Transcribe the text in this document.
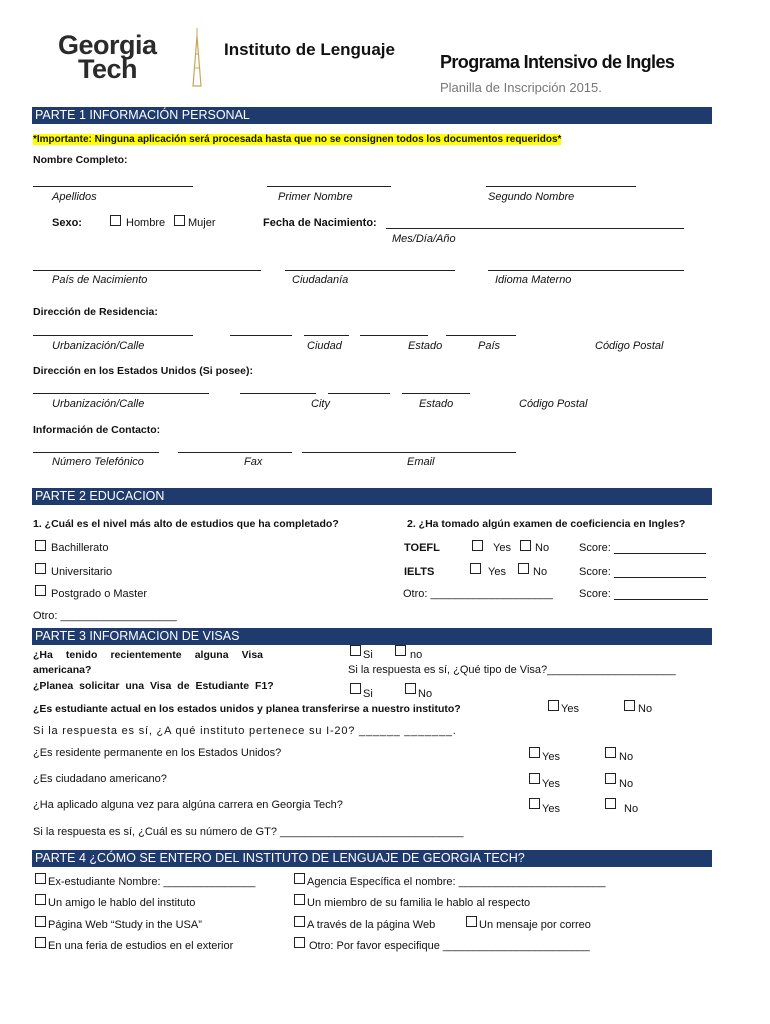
Georgia
Tech
Instituto de Lenguaje
Programa Intensivo de Ingles
Planilla de Inscripción 2015.
PARTE 1 INFORMACIÓN PERSONAL
*Importante: Ninguna aplicación será procesada hasta que no se consignen todos los documentos requeridos*
Nombre Completo:
Apellidos	Primer Nombre	Segundo Nombre
Sexo:	Hombre Mujer	Fecha de Nacimiento:
Mes/Día/Año
País de Nacimiento	Ciudadanía	Idioma Materno
Dirección de Residencia:
Urbanización/Calle	Ciudad	Estado	País	Código Postal
Dirección en los Estados Unidos (Si posee):
Urbanización/Calle	City	Estado	Código Postal
Información de Contacto:
Número Telefónico	Fax	Email
PARTE 2 EDUCACION
1. ¿Cuál es el nivel más alto de estudios que ha completado?	2. ¿Ha tomado algún examen de coeficiencia en Ingles?
Bachillerato
Universitario
Postgrado o Master
Otro: ___________________
TOEFL	Yes No	Score:
IELTS	Yes No	Score:
Otro: ____________________ Score:
PARTE 3 INFORMACION DE VISAS
¿Ha tenido recientemente alguna Visa americana?
Si	no
Si la respuesta es sí, ¿Qué tipo de Visa?_____________________
¿Planea solicitar una Visa de Estudiante F1?
Si	No
¿Es estudiante actual en los estados unidos y planea transferirse a nuestro instituto?	Yes	No
Si la respuesta es sí, ¿A qué instituto pertenece su I-20? ______ _______.
¿Es residente permanente en los Estados Unidos?	Yes	No
¿Es ciudadano americano?	Yes	No
¿Ha aplicado alguna vez para algúna carrera en Georgia Tech?	Yes	No
Si la respuesta es sí, ¿Cuál es su número de GT? ______________________________
PARTE 4 ¿CÓMO SE ENTERO DEL INSTITUTO DE LENGUAJE DE GEORGIA TECH?
Ex-estudiante Nombre: _______________	Agencia Específica el nombre: ________________________
Un amigo le hablo del instituto	Un miembro de su familia le hablo al respecto
Página Web “Study in the USA”	A través de la página Web	Un mensaje por correo
En una feria de estudios en el exterior	Otro: Por favor especifique ________________________
